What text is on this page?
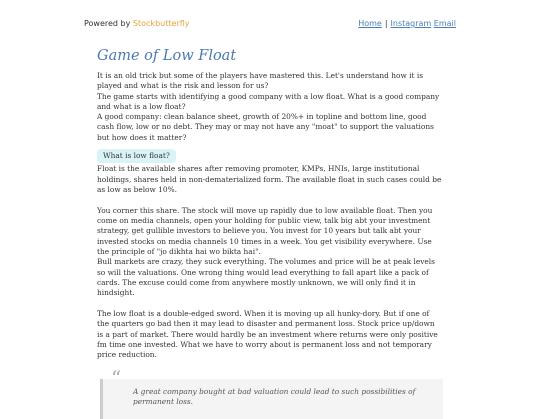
Powered by Stockbutterfly	Home | Instagram Email
Game of Low Float

It is an old trick but some of the players have mastered this. Let's understand how it is played and what is the risk and lesson for us?

The game starts with identifying a good company with a low float. What is a good company and what is a low float?

A good company: clean balance sheet, growth of 20%+ in topline and bottom line, good cash flow, low or no debt. They may or may not have any "moat" to support the valuations but how does it matter?

What is low float?

Float is the available shares after removing promoter, KMPs, HNIs, large institutional holdings, shares held in non-dematerialized form. The available float in such cases could be as low as below 10%.

You corner this share. The stock will move up rapidly due to low available float. Then you come on media channels, open your holding for public view, talk big abt your investment strategy, get gullible investors to believe you. You invest for 10 years but talk abt your invested stocks on media channels 10 times in a week. You get visibility everywhere. Use the principle of "jo dikhta hai wo bikta hai".

Bull markets are crazy, they suck everything. The volumes and price will be at peak levels so will the valuations. One wrong thing would lead everything to fall apart like a pack of cards. The excuse could come from anywhere mostly unknown, we will only find it in hindsight.

The low float is a double-edged sword. When it is moving up all hunky-dory. But if one of the quarters go bad then it may lead to disaster and permanent loss. Stock price up/down is a part of market. There would hardly be an investment where returns were only positive fm time one invested. What we have to worry about is permanent loss and not temporary price reduction.

“
A great company bought at bad valuation could lead to such possibilities of permanent loss.
